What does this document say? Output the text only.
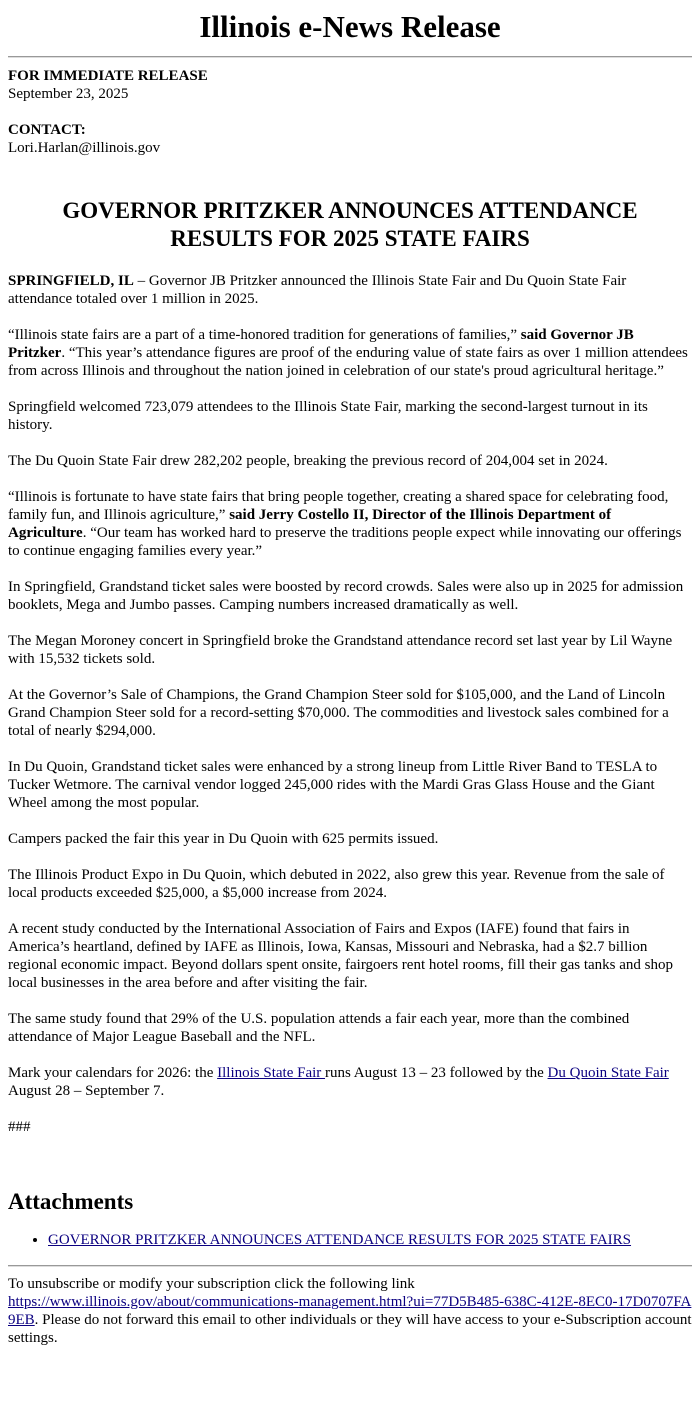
Illinois e-News Release

FOR IMMEDIATE RELEASE

September 23, 2025

CONTACT:

Lori.Harlan@illinois.gov

GOVERNOR PRITZKER ANNOUNCES ATTENDANCE RESULTS FOR 2025 STATE FAIRS

SPRINGFIELD, IL – Governor JB Pritzker announced the Illinois State Fair and Du Quoin State Fair attendance totaled over 1 million in 2025.

“Illinois state fairs are a part of a time-honored tradition for generations of families,” said Governor JB Pritzker. “This year’s attendance figures are proof of the enduring value of state fairs as over 1 million attendees from across Illinois and throughout the nation joined in celebration of our state's proud agricultural heritage.”

Springfield welcomed 723,079 attendees to the Illinois State Fair, marking the second-largest turnout in its history.

The Du Quoin State Fair drew 282,202 people, breaking the previous record of 204,004 set in 2024.

“Illinois is fortunate to have state fairs that bring people together, creating a shared space for celebrating food, family fun, and Illinois agriculture,” said Jerry Costello II, Director of the Illinois Department of Agriculture. “Our team has worked hard to preserve the traditions people expect while innovating our offerings to continue engaging families every year.”

In Springfield, Grandstand ticket sales were boosted by record crowds. Sales were also up in 2025 for admission booklets, Mega and Jumbo passes. Camping numbers increased dramatically as well.

The Megan Moroney concert in Springfield broke the Grandstand attendance record set last year by Lil Wayne with 15,532 tickets sold.

At the Governor’s Sale of Champions, the Grand Champion Steer sold for $105,000, and the Land of Lincoln Grand Champion Steer sold for a record-setting $70,000. The commodities and livestock sales combined for a total of nearly $294,000.

In Du Quoin, Grandstand ticket sales were enhanced by a strong lineup from Little River Band to TESLA to Tucker Wetmore. The carnival vendor logged 245,000 rides with the Mardi Gras Glass House and the Giant Wheel among the most popular.

Campers packed the fair this year in Du Quoin with 625 permits issued.

The Illinois Product Expo in Du Quoin, which debuted in 2022, also grew this year. Revenue from the sale of local products exceeded $25,000, a $5,000 increase from 2024.

A recent study conducted by the International Association of Fairs and Expos (IAFE) found that fairs in America’s heartland, defined by IAFE as Illinois, Iowa, Kansas, Missouri and Nebraska, had a $2.7 billion regional economic impact. Beyond dollars spent onsite, fairgoers rent hotel rooms, fill their gas tanks and shop local businesses in the area before and after visiting the fair.

The same study found that 29% of the U.S. population attends a fair each year, more than the combined attendance of Major League Baseball and the NFL.

Mark your calendars for 2026: the Illinois State Fair runs August 13 – 23 followed by the Du Quoin State Fair August 28 – September 7.

###

Attachments
• GOVERNOR PRITZKER ANNOUNCES ATTENDANCE RESULTS FOR 2025 STATE FAIRS

To unsubscribe or modify your subscription click the following link
https://www.illinois.gov/about/communications-management.html?ui=77D5B485-638C-412E-8EC0-17D0707FA9EB. Please do not forward this email to other individuals or they will have access to your e-Subscription account settings.
